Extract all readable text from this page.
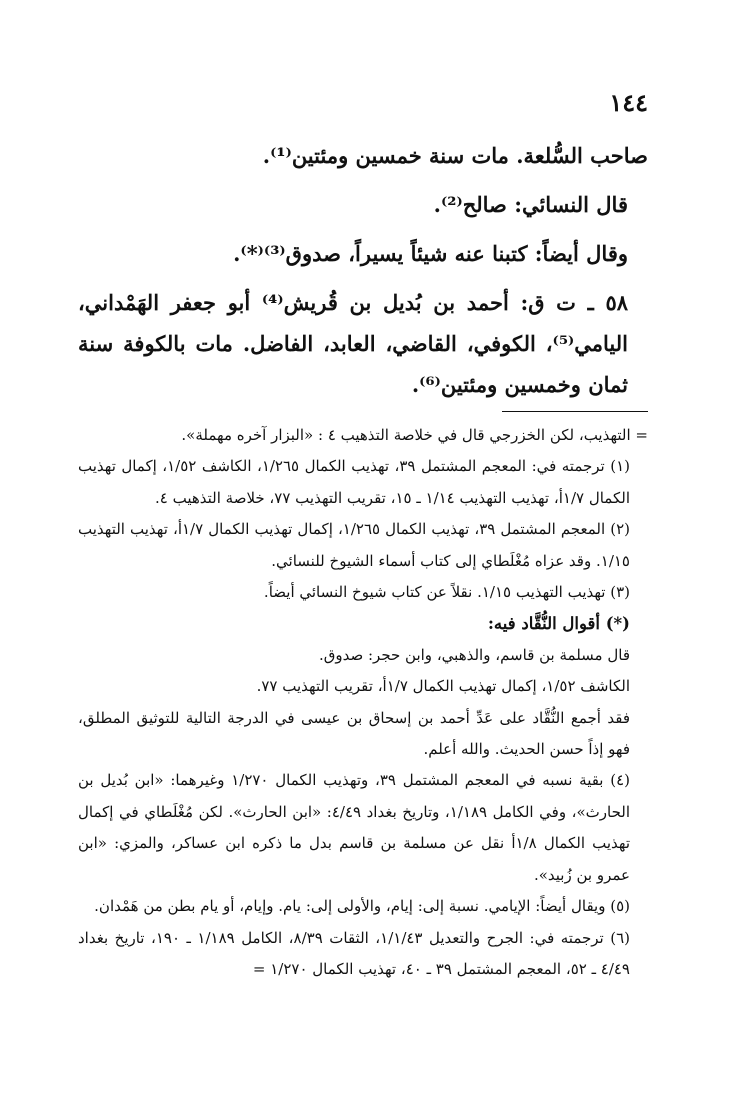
١٤٤

صاحب السُّلعة. مات سنة خمسين ومئتين⁽¹⁾.

قال النسائي: صالح⁽²⁾.

وقال أيضاً: كتبنا عنه شيئاً يسيراً، صدوق⁽³⁾⁽*⁾.

٥٨ ـ ت ق: أحمد بن بُديل بن قُريش⁽⁴⁾ أبو جعفر الهَمْداني، اليامي⁽⁵⁾، الكوفي، القاضي، العابد، الفاضل. مات بالكوفة سنة ثمان وخمسين ومئتين⁽⁶⁾.

= التهذيب، لكن الخزرجي قال في خلاصة التذهيب ٤ : «البزار آخره مهملة».

(١) ترجمته في: المعجم المشتمل ٣٩، تهذيب الكمال ١/٢٦٥، الكاشف ١/٥٢، إكمال تهذيب الكمال ١/٧أ، تهذيب التهذيب ١/١٤ ـ ١٥، تقريب التهذيب ٧٧، خلاصة التذهيب ٤.

(٢) المعجم المشتمل ٣٩، تهذيب الكمال ١/٢٦٥، إكمال تهذيب الكمال ١/٧أ، تهذيب التهذيب ١/١٥. وقد عزاه مُغْلَطاي إلى كتاب أسماء الشيوخ للنسائي.

(٣) تهذيب التهذيب ١/١٥. نقلاً عن كتاب شيوخ النسائي أيضاً.

(*) أقوال النُّقَّاد فيه:

قال مسلمة بن قاسم، والذهبي، وابن حجر: صدوق.

الكاشف ١/٥٢، إكمال تهذيب الكمال ١/٧أ، تقريب التهذيب ٧٧.

فقد أجمع النُّقَّاد على عَدِّ أحمد بن إسحاق بن عيسى في الدرجة التالية للتوثيق المطلق، فهو إذاً حسن الحديث. والله أعلم.

(٤) بقية نسبه في المعجم المشتمل ٣٩، وتهذيب الكمال ١/٢٧٠ وغيرهما: «ابن بُديل بن الحارث»، وفي الكامل ١/١٨٩، وتاريخ بغداد ٤/٤٩: «ابن الحارث». لكن مُغْلَطاي في إكمال تهذيب الكمال ١/٨أ نقل عن مسلمة بن قاسم بدل ما ذكره ابن عساكر، والمزي: «ابن عمرو بن زُبيد».

(٥) ويقال أيضاً: الإيامي. نسبة إلى: إيام، والأولى إلى: يام. وإيام، أو يام بطن من هَمْدان.

(٦) ترجمته في: الجرح والتعديل ١/١/٤٣، الثقات ٨/٣٩، الكامل ١/١٨٩ ـ ١٩٠، تاريخ بغداد ٤/٤٩ ـ ٥٢، المعجم المشتمل ٣٩ ـ ٤٠، تهذيب الكمال ١/٢٧٠ =
